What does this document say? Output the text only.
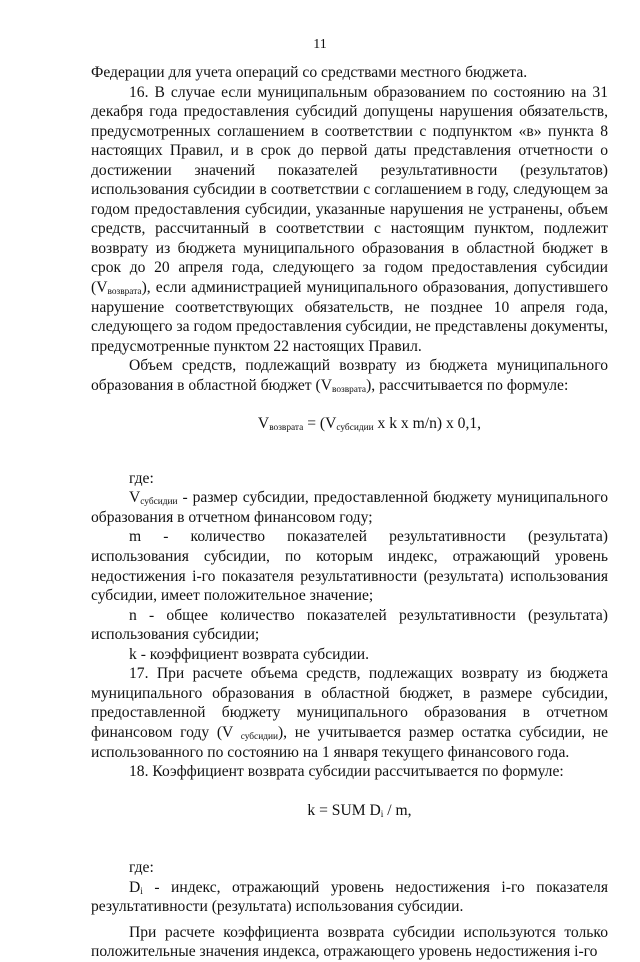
11

Федерации для учета операций со средствами местного бюджета.

16. В случае если муниципальным образованием по состоянию на 31 декабря года предоставления субсидий допущены нарушения обязательств, предусмотренных соглашением в соответствии с подпунктом «в» пункта 8 настоящих Правил, и в срок до первой даты представления отчетности о достижении значений показателей результативности (результатов) использования субсидии в соответствии с соглашением в году, следующем за годом предоставления субсидии, указанные нарушения не устранены, объем средств, рассчитанный в соответствии с настоящим пунктом, подлежит возврату из бюджета муниципального образования в областной бюджет в срок до 20 апреля года, следующего за годом предоставления субсидии $(V_{возврата})$, если администрацией муниципального образования, допустившего нарушение соответствующих обязательств, не позднее 10 апреля года, следующего за годом предоставления субсидии, не представлены документы, предусмотренные пунктом 22 настоящих Правил.

Объем средств, подлежащий возврату из бюджета муниципального образования в областной бюджет $(V_{возврата})$, рассчитывается по формуле:

$V_{возврата} = (V_{субсидии}$ x k x m/n) x 0,1,

где:

$V_{субсидии}$ - размер субсидии, предоставленной бюджету муниципального образования в отчетном финансовом году;

m - количество показателей результативности (результата) использования субсидии, по которым индекс, отражающий уровень недостижения i-го показателя результативности (результата) использования субсидии, имеет положительное значение;

n - общее количество показателей результативности (результата) использования субсидии;

k - коэффициент возврата субсидии.

17. При расчете объема средств, подлежащих возврату из бюджета муниципального образования в областной бюджет, в размере субсидии, предоставленной бюджету муниципального образования в отчетном финансовом году (V $_{субсидии}$), не учитывается размер остатка субсидии, не использованного по состоянию на 1 января текущего финансового года.

18. Коэффициент возврата субсидии рассчитывается по формуле:

k = SUM $D_i$ / m,

где:

$D_i$ - индекс, отражающий уровень недостижения i-го показателя результативности (результата) использования субсидии.

При расчете коэффициента возврата субсидии используются только положительные значения индекса, отражающего уровень недостижения i-го
